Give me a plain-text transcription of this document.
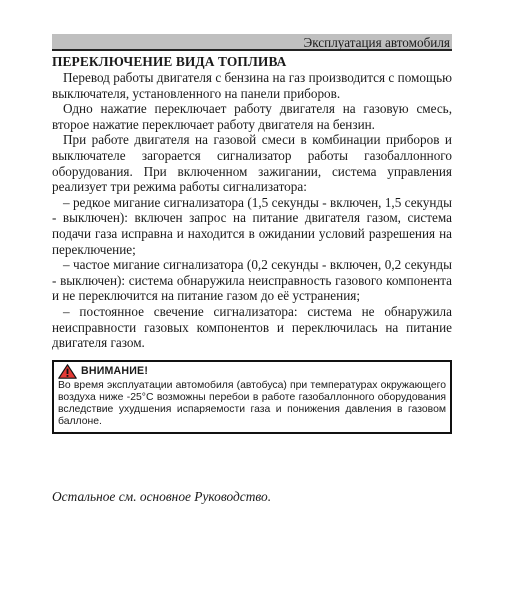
Эксплуатация автомобиля
ПЕРЕКЛЮЧЕНИЕ ВИДА ТОПЛИВА

Перевод работы двигателя с бензина на газ производится с помощью выключателя, установленного на панели приборов.

Одно нажатие переключает работу двигателя на газовую смесь, второе нажатие переключает работу двигателя на бензин.

При работе двигателя на газовой смеси в комбинации приборов и выключателе загорается сигнализатор работы газобаллонного оборудования. При включенном зажигании, система управления реализует три режима работы сигнализатора:

– редкое мигание сигнализатора (1,5 секунды - включен, 1,5 секунды - выключен): включен запрос на питание двигателя газом, система подачи газа исправна и находится в ожидании условий разрешения на переключение;

– частое мигание сигнализатора (0,2 секунды - включен, 0,2 секунды - выключен): система обнаружила неисправность газового компонента и не переключится на питание газом до её устранения;

– постоянное свечение сигнализатора: система не обнаружила неисправности газовых компонентов и переключилась на питание двигателя газом.

ВНИМАНИЕ!
Во время эксплуатации автомобиля (автобуса) при температурах окружающего воздуха ниже -25°С возможны перебои в работе газобаллонного оборудования вследствие ухудшения испаряемости газа и понижения давления в газовом баллоне.
Остальное см. основное Руководство.
